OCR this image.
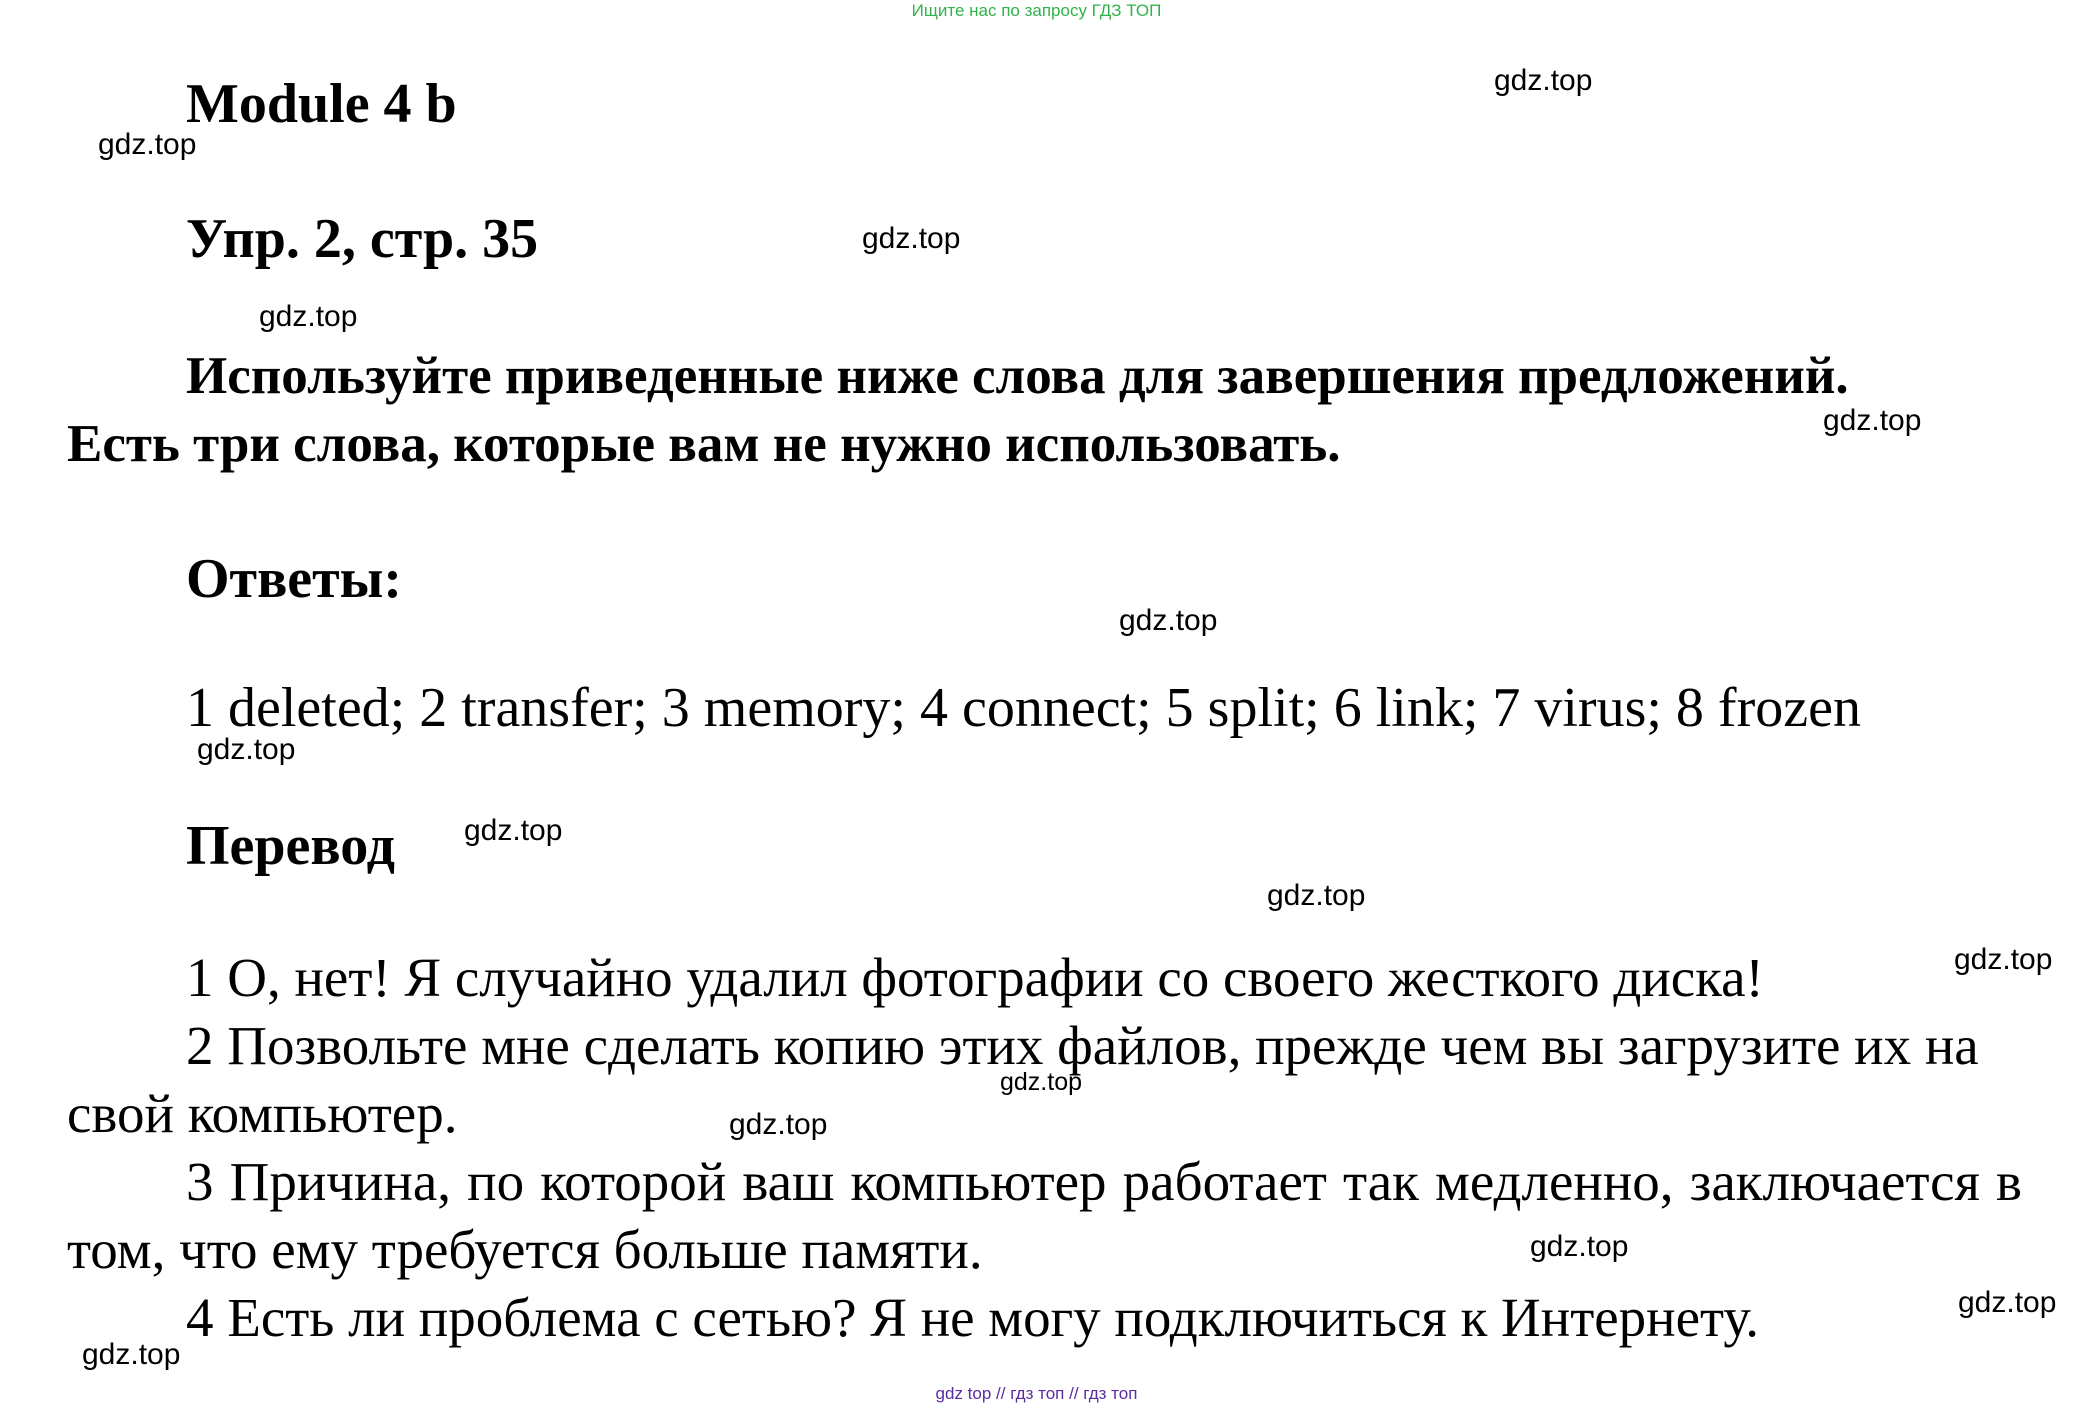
Ищите нас по запросу ГДЗ ТОП
Module 4 b
Упр. 2, стр. 35
Используйте приведенные ниже слова для завершения предложений.
Есть три слова, которые вам не нужно использовать.
Ответы:
1 deleted; 2 transfer; 3 memory; 4 connect; 5 split; 6 link; 7 virus; 8 frozen
Перевод

1 О, нет! Я случайно удалил фотографии со своего жесткого диска!

2 Позвольте мне сделать копию этих файлов, прежде чем вы загрузите их на свой компьютер.

3 Причина, по которой ваш компьютер работает так медленно, заключается в том, что ему требуется больше памяти.

4 Есть ли проблема с сетью? Я не могу подключиться к Интернету.

gdz.top
gdz.top
gdz.top
gdz.top
gdz.top
gdz.top
gdz.top
gdz.top
gdz.top
gdz.top
gdz.top
gdz.top
gdz.top
gdz.top
gdz.top
gdz top // гдз топ // гдз топ
